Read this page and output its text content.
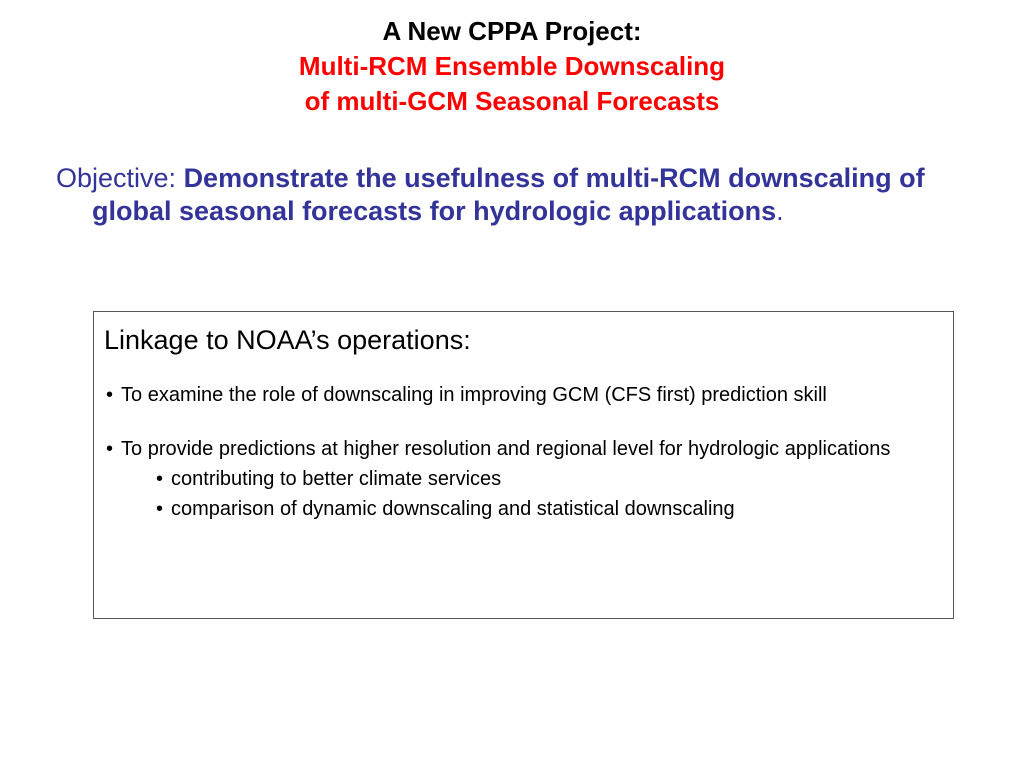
A New CPPA Project:
Multi-RCM Ensemble Downscaling
of multi-GCM Seasonal Forecasts
Objective: Demonstrate the usefulness of multi-RCM downscaling of global seasonal forecasts for hydrologic applications.
Linkage to NOAA’s operations:
• To examine the role of downscaling in improving GCM (CFS first) prediction skill
• To provide predictions at higher resolution and regional level for hydrologic applications
• contributing to better climate services
• comparison of dynamic downscaling and statistical downscaling
